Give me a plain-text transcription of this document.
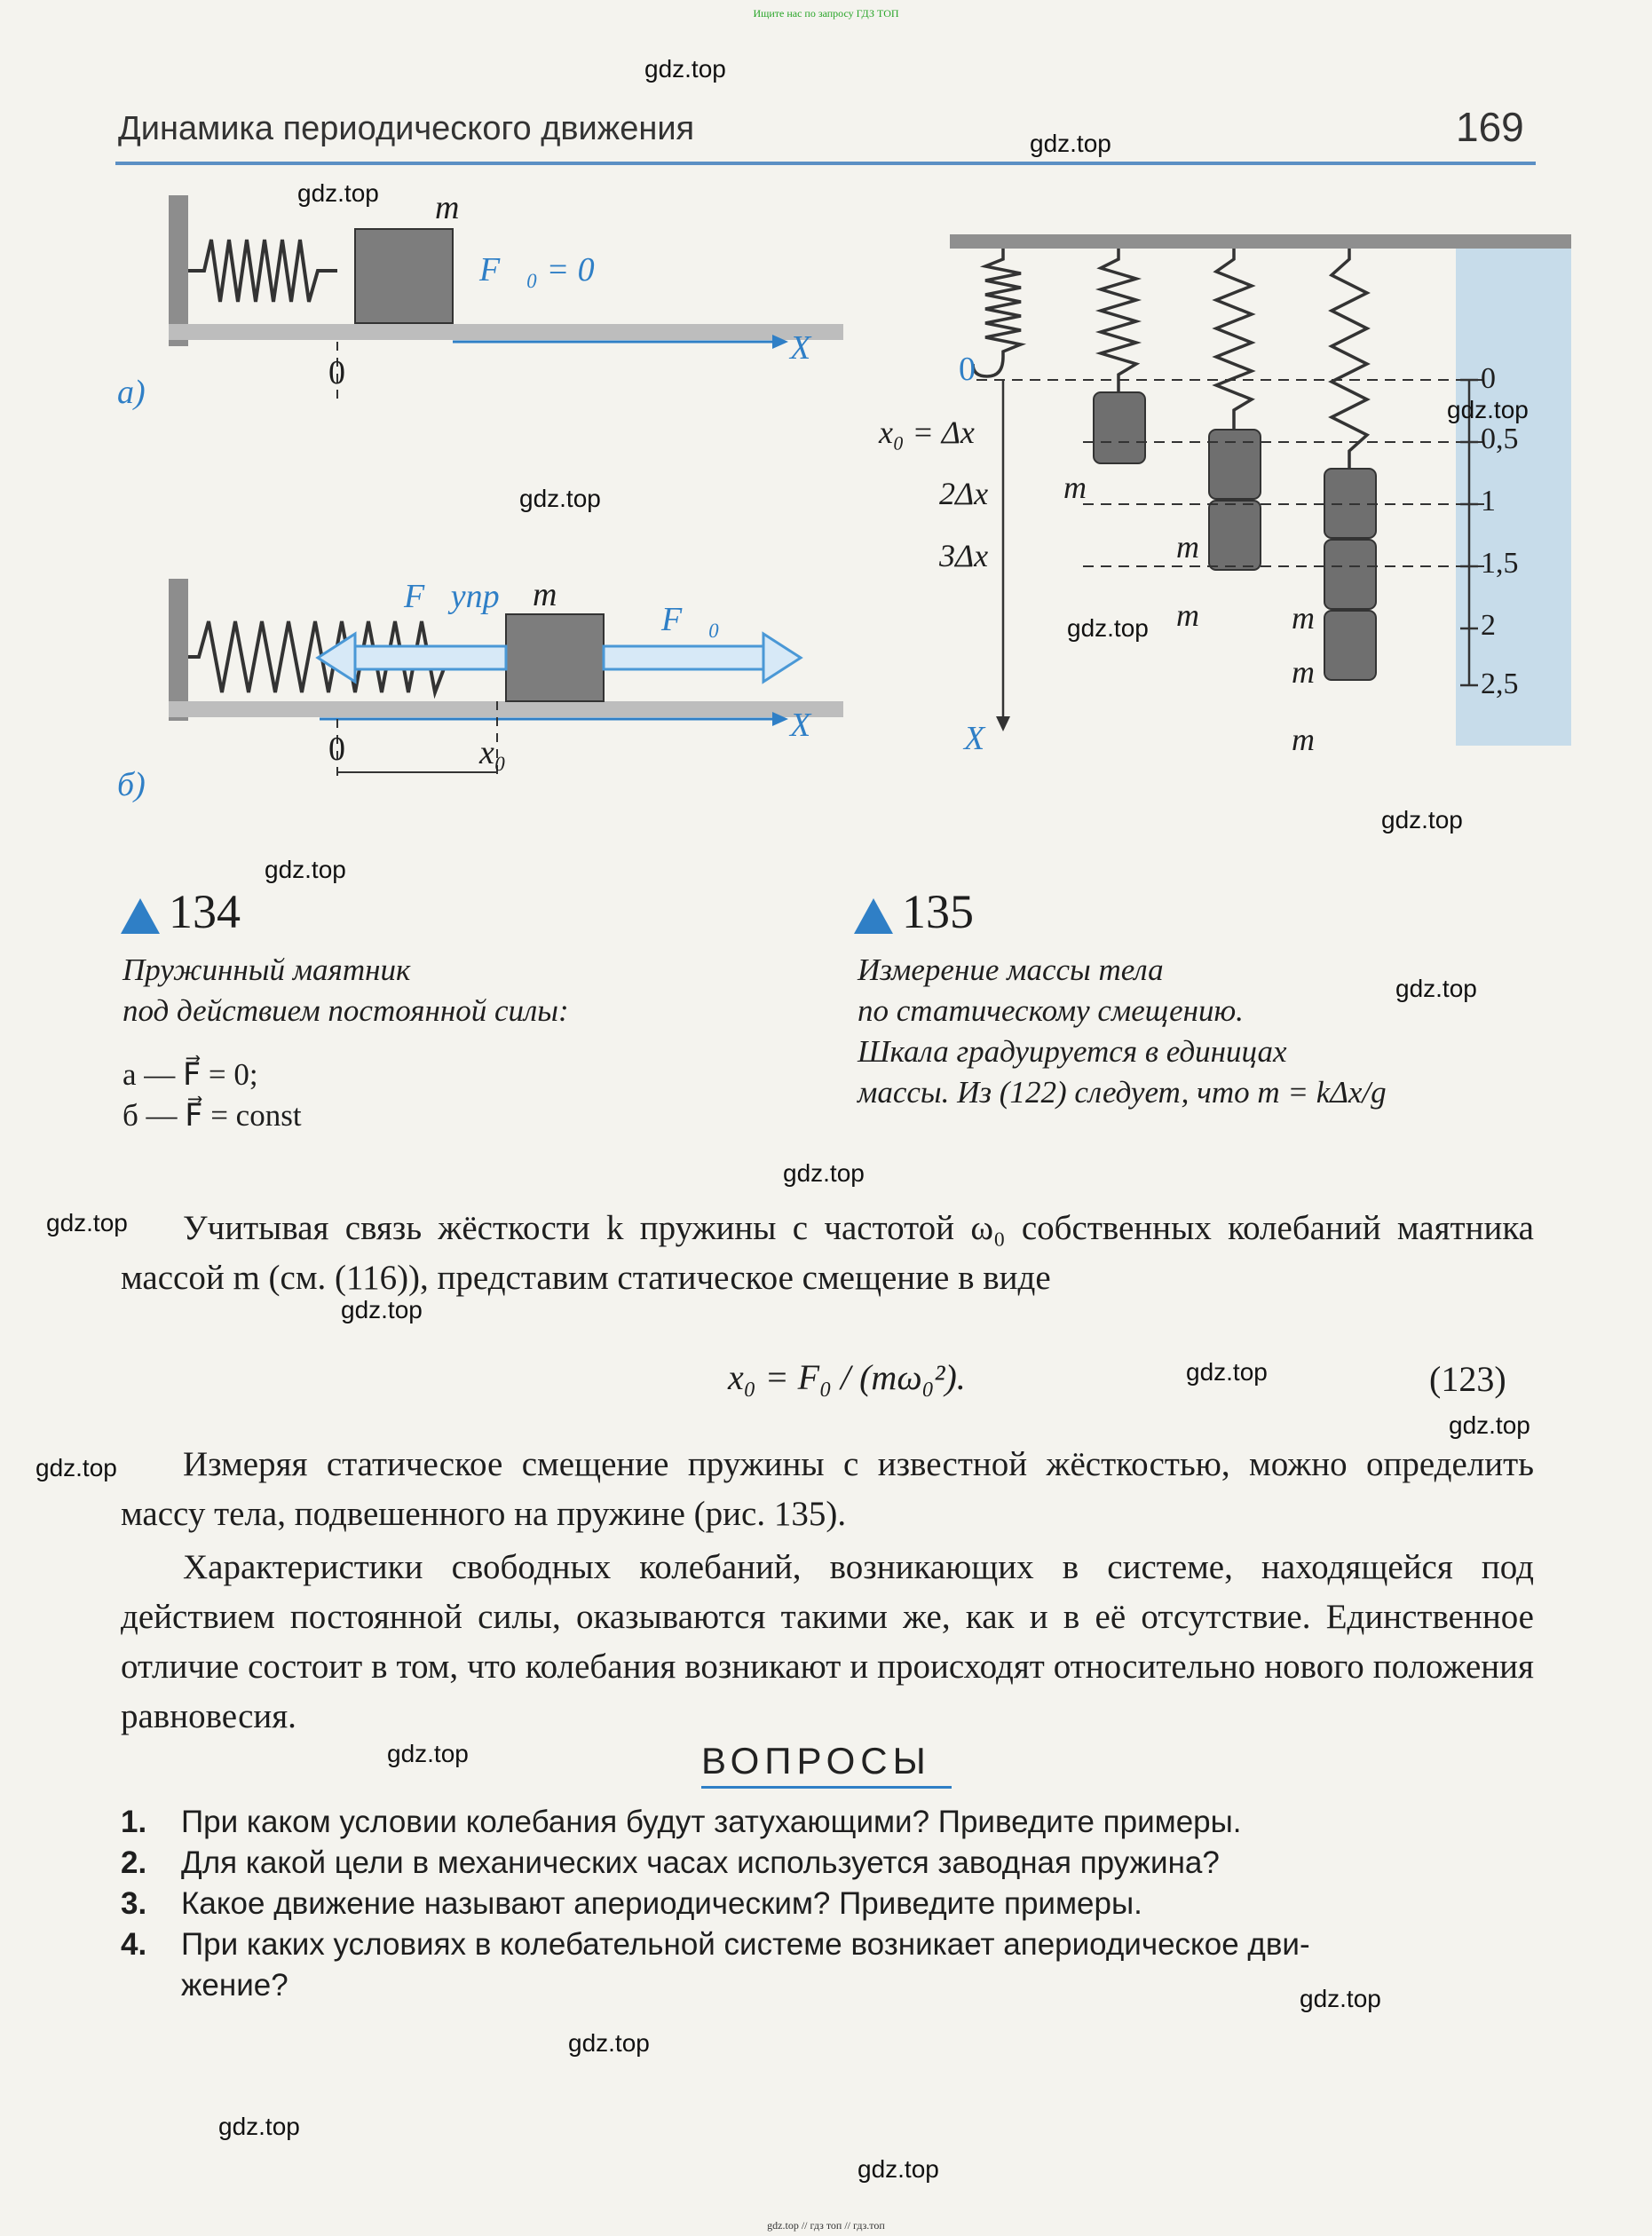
Ищите нас по запросу ГДЗ ТОП
gdz.top // гдз топ // гдз.топ
Динамика периодического движения	169
m
F⃗₀ = 0
X
0
а)
F⃗упр m
F⃗₀
X
0	x₀
б)
0
x₀ = Δx
2Δx
3Δx
m
m
m	m
m
m
X
0
0,5
1
1,5
2
2,5
134
Пружинный маятник
под действием постоянной силы:
а — F⃗ = 0;
б — F⃗ = const
135
Измерение массы тела
по статическому смещению.
Шкала градуируется в единицах
массы. Из (122) следует, что m = kΔx/g
Учитывая связь жёсткости k пружины с частотой ω₀ собственных колебаний маятника массой m (см. (116)), представим статическое смещение в виде
x₀ = F₀ / (mω₀²).	(123)
Измеряя статическое смещение пружины с известной жёсткостью, можно определить массу тела, подвешенного на пружине (рис. 135).
Характеристики свободных колебаний, возникающих в системе, находящейся под действием постоянной силы, оказываются такими же, как и в её отсутствие. Единственное отличие состоит в том, что колебания возникают и происходят относительно нового положения равновесия.
ВОПРОСЫ
1. При каком условии колебания будут затухающими? Приведите примеры.
2. Для какой цели в механических часах используется заводная пружина?
3. Какое движение называют апериодическим? Приведите примеры.
4. При каких условиях в колебательной системе возникает апериодическое дви-
жение?
gdz.top
gdz.top
gdz.top
gdz.top
gdz.top
gdz.top
gdz.top
gdz.top
gdz.top
gdz.top
gdz.top
gdz.top
gdz.top
gdz.top
gdz.top
gdz.top
gdz.top
gdz.top
gdz.top
gdz.top
